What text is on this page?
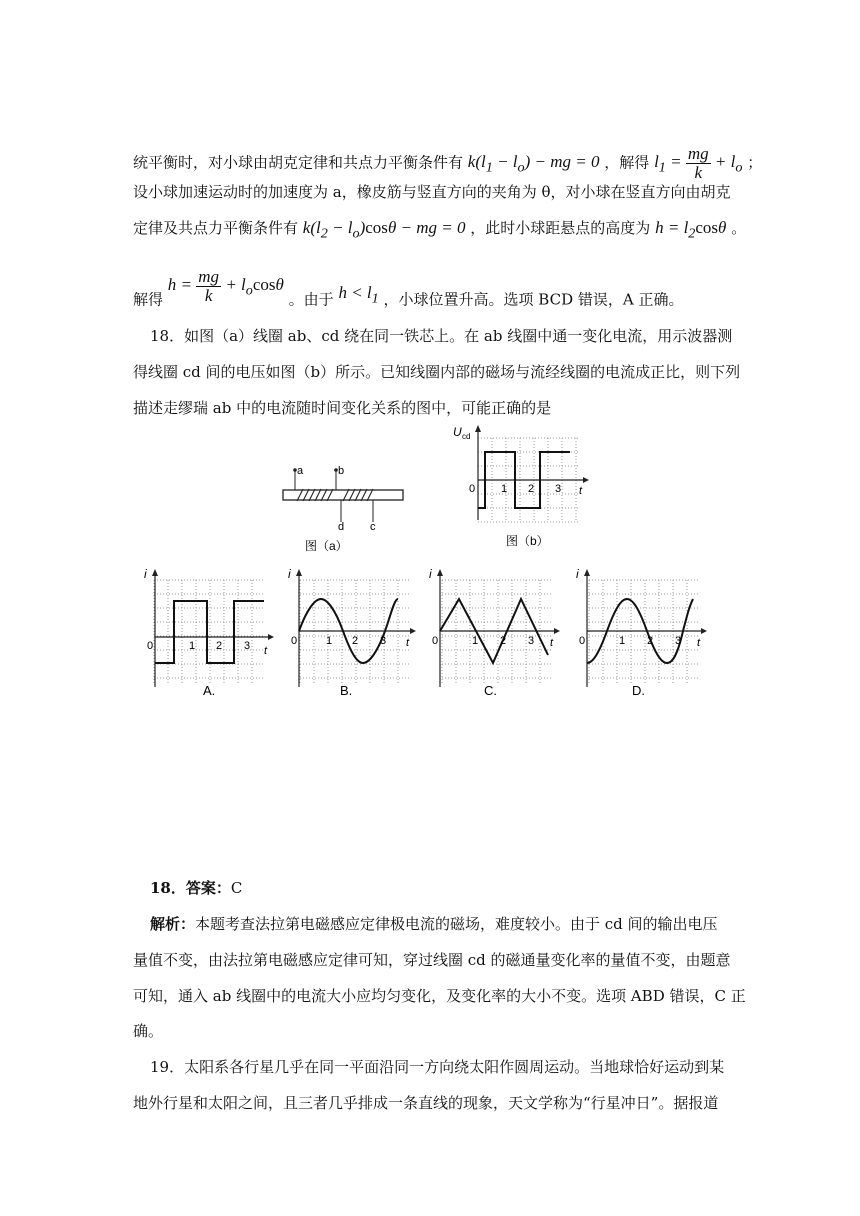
统平衡时，对小球由胡克定律和共点力平衡条件有 $k(l_1 - l_o)$ − mg = 0 ，解得 $l_1 = \frac{mg}{k} + l_o$ ；
设小球加速运动时的加速度为 a，橡皮筋与竖直方向的夹角为 θ，对小球在竖直方向由胡克
定律及共点力平衡条件有 $k(l_2 - l_o)\cos\theta$ − mg = 0 ，此时小球距悬点的高度为 $h = l_2\cos\theta$ 。
解得 $h = \frac{mg}{k} + l_o\cos\theta$ 。由于 $h < l_1$ ，小球位置升高。选项 BCD 错误，A 正确。
18．如图（a）线圈 ab、cd 绕在同一铁芯上。在 ab 线圈中通一变化电流，用示波器测
得线圈 cd 间的电压如图（b）所示。已知线圈内部的磁场与流经线圈的电流成正比，则下列
描述走缪瑞 ab 中的电流随时间变化关系的图中，可能正确的是
a	b
d c
图（a）
U cd
t
0 1 2 3
图（b）
i
t
0	1 2 3
A.
i
t
0	1 2 3
B.
i
t
0	1 2 3
C.
i
t
0	1 2 3
D.
18．答案：C
解析：本题考查法拉第电磁感应定律极电流的磁场，难度较小。由于 cd 间的输出电压
量值不变，由法拉第电磁感应定律可知，穿过线圈 cd 的磁通量变化率的量值不变，由题意
可知，通入 ab 线圈中的电流大小应均匀变化，及变化率的大小不变。选项 ABD 错误，C 正
确。
19．太阳系各行星几乎在同一平面沿同一方向绕太阳作圆周运动。当地球恰好运动到某
地外行星和太阳之间，且三者几乎排成一条直线的现象，天文学称为“行星冲日”。据报道
